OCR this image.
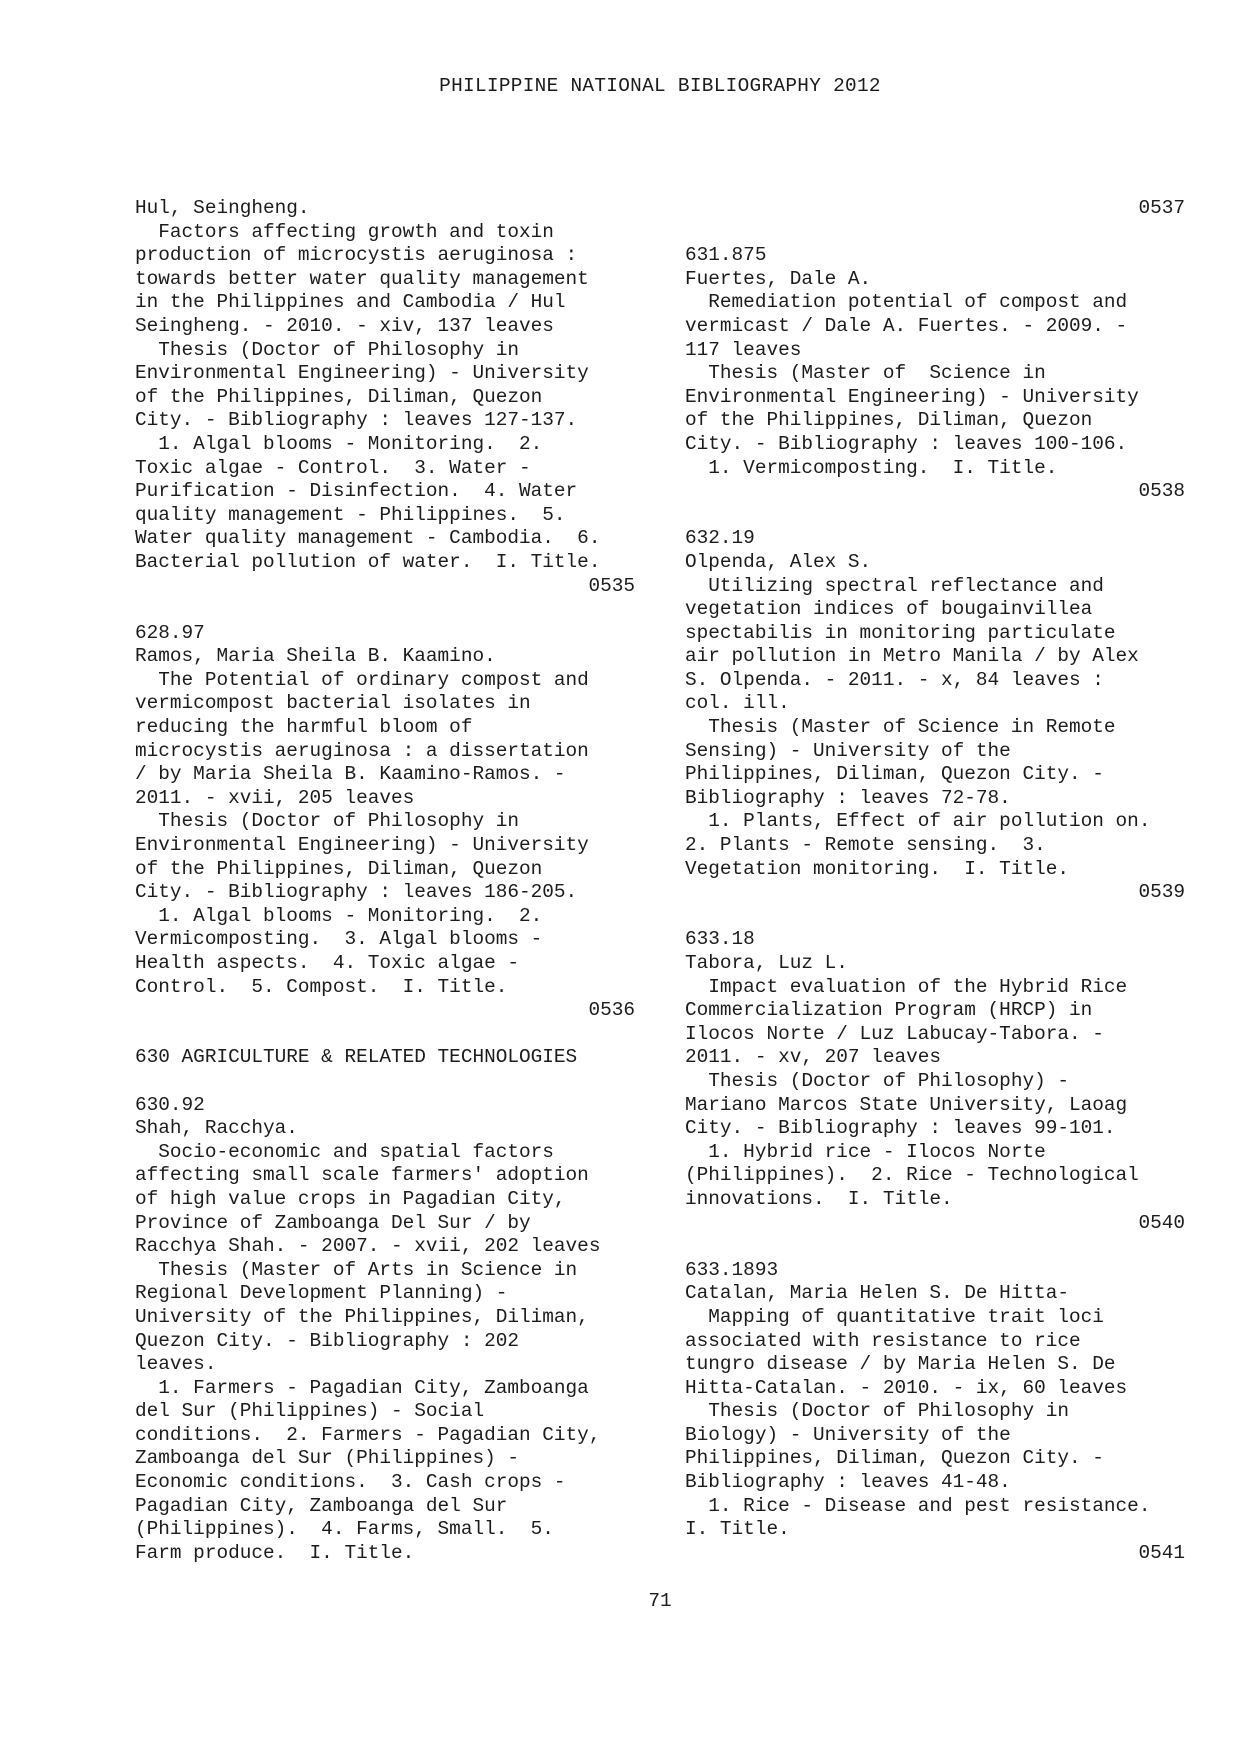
PHILIPPINE NATIONAL BIBLIOGRAPHY 2012
Hul, Seingheng.
Factors affecting growth and toxin
production of microcystis aeruginosa :
towards better water quality management
in the Philippines and Cambodia / Hul
Seingheng. - 2010. - xiv, 137 leaves
Thesis (Doctor of Philosophy in
Environmental Engineering) - University
of the Philippines, Diliman, Quezon
City. - Bibliography : leaves 127-137.
1. Algal blooms - Monitoring.  2.
Toxic algae - Control.  3. Water -
Purification - Disinfection.  4. Water
quality management - Philippines.  5.
Water quality management - Cambodia.  6.
Bacterial pollution of water.  I. Title.
0535
628.97
Ramos, Maria Sheila B. Kaamino.
The Potential of ordinary compost and
vermicompost bacterial isolates in
reducing the harmful bloom of
microcystis aeruginosa : a dissertation
/ by Maria Sheila B. Kaamino-Ramos. -
2011. - xvii, 205 leaves
Thesis (Doctor of Philosophy in
Environmental Engineering) - University
of the Philippines, Diliman, Quezon
City. - Bibliography : leaves 186-205.
1. Algal blooms - Monitoring.  2.
Vermicomposting.  3. Algal blooms -
Health aspects.  4. Toxic algae -
Control.  5. Compost.  I. Title.
0536
630 AGRICULTURE & RELATED TECHNOLOGIES
630.92
Shah, Racchya.
Socio-economic and spatial factors
affecting small scale farmers' adoption
of high value crops in Pagadian City,
Province of Zamboanga Del Sur / by
Racchya Shah. - 2007. - xvii, 202 leaves
Thesis (Master of Arts in Science in
Regional Development Planning) -
University of the Philippines, Diliman,
Quezon City. - Bibliography : 202
leaves.
1. Farmers - Pagadian City, Zamboanga
del Sur (Philippines) - Social
conditions.  2. Farmers - Pagadian City,
Zamboanga del Sur (Philippines) -
Economic conditions.  3. Cash crops -
Pagadian City, Zamboanga del Sur
(Philippines).  4. Farms, Small.  5.
Farm produce.  I. Title.
0537
631.875
Fuertes, Dale A.
Remediation potential of compost and
vermicast / Dale A. Fuertes. - 2009. -
117 leaves
Thesis (Master of  Science in
Environmental Engineering) - University
of the Philippines, Diliman, Quezon
City. - Bibliography : leaves 100-106.
1. Vermicomposting.  I. Title.
0538
632.19
Olpenda, Alex S.
Utilizing spectral reflectance and
vegetation indices of bougainvillea
spectabilis in monitoring particulate
air pollution in Metro Manila / by Alex
S. Olpenda. - 2011. - x, 84 leaves :
col. ill.
Thesis (Master of Science in Remote
Sensing) - University of the
Philippines, Diliman, Quezon City. -
Bibliography : leaves 72-78.
1. Plants, Effect of air pollution on.
2. Plants - Remote sensing.  3.
Vegetation monitoring.  I. Title.
0539
633.18
Tabora, Luz L.
Impact evaluation of the Hybrid Rice
Commercialization Program (HRCP) in
Ilocos Norte / Luz Labucay-Tabora. -
2011. - xv, 207 leaves
Thesis (Doctor of Philosophy) -
Mariano Marcos State University, Laoag
City. - Bibliography : leaves 99-101.
1. Hybrid rice - Ilocos Norte
(Philippines).  2. Rice - Technological
innovations.  I. Title.
0540
633.1893
Catalan, Maria Helen S. De Hitta-
Mapping of quantitative trait loci
associated with resistance to rice
tungro disease / by Maria Helen S. De
Hitta-Catalan. - 2010. - ix, 60 leaves
Thesis (Doctor of Philosophy in
Biology) - University of the
Philippines, Diliman, Quezon City. -
Bibliography : leaves 41-48.
1. Rice - Disease and pest resistance.
I. Title.
0541
71
